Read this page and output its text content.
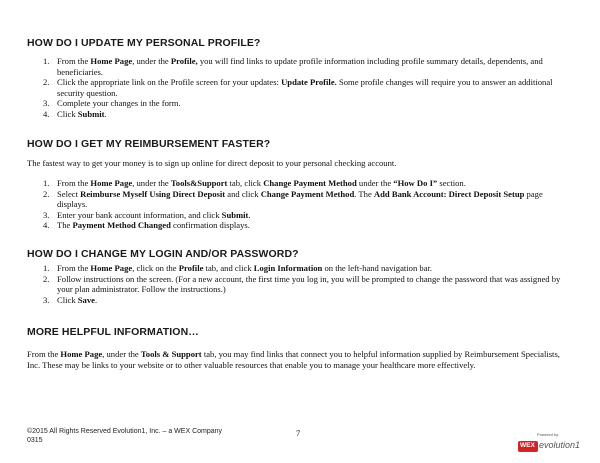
HOW DO I UPDATE MY PERSONAL PROFILE?
1. From the Home Page, under the Profile, you will find links to update profile information including profile summary details, dependents, and beneficiaries.
2. Click the appropriate link on the Profile screen for your updates: Update Profile. Some profile changes will require you to answer an additional security question.
3. Complete your changes in the form.
4. Click Submit.
HOW DO I GET MY REIMBURSEMENT FASTER?

The fastest way to get your money is to sign up online for direct deposit to your personal checking account.

1. From the Home Page, under the Tools&Support tab, click Change Payment Method under the “How Do I” section.
2. Select Reimburse Myself Using Direct Deposit and click Change Payment Method. The Add Bank Account: Direct Deposit Setup page displays.
3. Enter your bank account information, and click Submit.
4. The Payment Method Changed confirmation displays.
HOW DO I CHANGE MY LOGIN AND/OR PASSWORD?
1. From the Home Page, click on the Profile tab, and click Login Information on the left-hand navigation bar.
2. Follow instructions on the screen. (For a new account, the first time you log in, you will be prompted to change the password that was assigned by your plan administrator. Follow the instructions.)
3. Click Save.
MORE HELPFUL INFORMATION…

From the Home Page, under the Tools & Support tab, you may find links that connect you to helpful information supplied by Reimbursement Specialists, Inc. These may be links to your website or to other valuable resources that enable you to manage your healthcare more effectively.

©2015 All Rights Reserved Evolution1, Inc. – a WEX Company
0315
7	Powered by:
WEX evolution1
